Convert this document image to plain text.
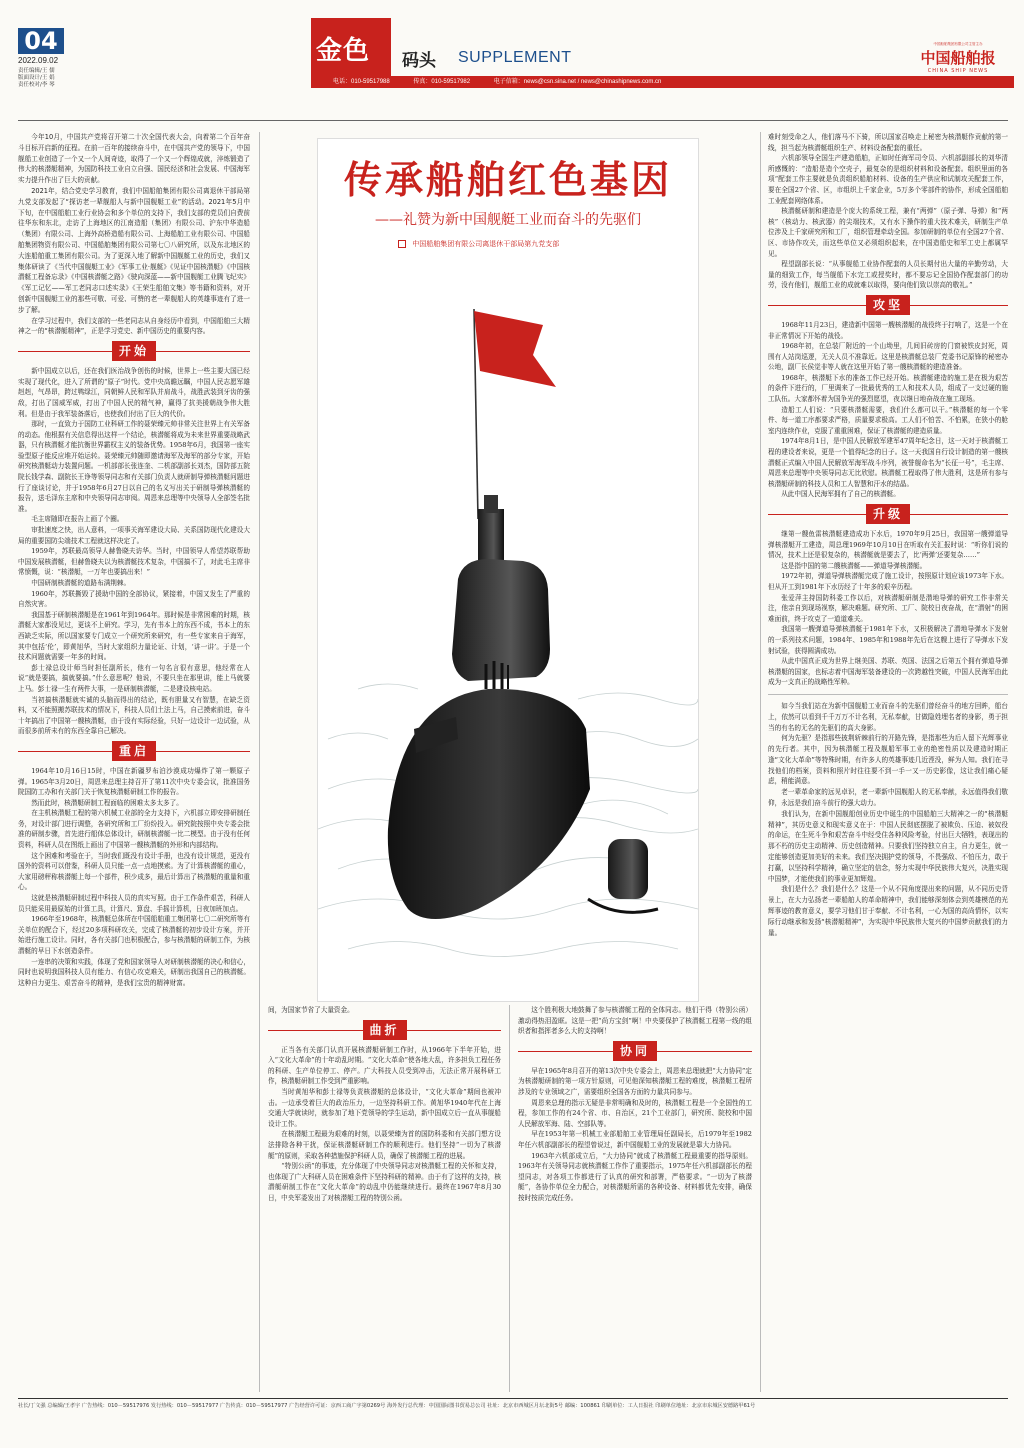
04
2022.09.02
责任编辑/王 儒
版面设计/王 娟
责任校对/李 琴
金色 码头 SUPPLEMENT
电话：010-59517988	传真：010-59517982	电子信箱：news@csn.sina.net / news@chinashipnews.com.cn
中国船舶集团有限公司主管主办
中国船舶报
CHINA SHIP NEWS
传承船舶红色基因
——礼赞为新中国舰艇工业而奋斗的先驱们
中国船舶集团有限公司离退休干部局第九党支部

今年10月，中国共产党将召开第二十次全国代表大会，向着第二个百年奋斗目标开启新的征程。在前一百年的接续奋斗中，在中国共产党的领导下，中国舰船工业创造了一个又一个人间奇迹，取得了一个又一个辉煌成就，淬炼锻造了伟大的核潜艇精神，为国防科技工业自立自强、国民经济和社会发展、中国海军实力提升作出了巨大的贡献。

2021年，结合党史学习教育，我们中国船舶集团有限公司离退休干部局第九党支部发起了“探访老一辈舰船人与新中国舰艇工业”的活动。2021年5月中下旬，在中国船舶工业行业协会和多个单位的支持下，我们支部的党员们自费前往华东和东北，走访了上海地区的江南造船（集团）有限公司、沪东中华造船（集团）有限公司、上海外高桥造船有限公司、上海船舶工业有限公司、中国船舶集团物资有限公司、中国船舶集团有限公司第七〇八研究所，以及东北地区的大连船舶重工集团有限公司。为了更深入地了解新中国舰艇工业的历史，我们又集体研读了《当代中国舰艇工业》《军事工业·舰艇》《见证中国核潜艇》《中国核潜艇工程备忘录》《中国核潜艇之路》《驶向深蓝——新中国舰艇工业腾飞纪实》《军工记忆——军工老同志口述实录》《王荣生船舶文集》等书籍和资料，对开创新中国舰艇工业的那些可敬、可爱、可赞的老一辈舰船人的英雄事迹有了进一步了解。

在学习过程中，我们支部的一些老同志从自身经历中看到，中国船舶三大精神之一的“核潜艇精神”，正是学习党史、新中国历史的重要内容。

开始

新中国成立以后，还在我们医治战争创伤的时候，世界上一些主要大国已经实现了现代化，进入了所谓的“原子”时代。党中央高瞻远瞩，中国人民志愿军雄赳赳，气昂昂，跨过鸭绿江，同朝鲜人民和军队并肩战斗，战胜武装到牙齿的强敌，打出了国威军威，打出了中国人民的精气神，赢得了抗美援朝战争伟大胜利。但是由于我军装备落后，也使我们付出了巨大的代价。

那时，一直致力于国防工业科研工作的聂荣臻元帅非常关注世界上有关军备的动态。他根据有关信息得出这样一个结论，核潜艇将成为未来世界重要战略武器，只有核潜艇才能抗衡世界霸权主义的装备优势。1958年6月，我国第一座实验型原子能反应堆开始运转。聂荣臻元帅随即邀请海军及海军的部分专家，开始研究核潜艇动力装置问题。一机部部长张连奎、二机部副部长刘杰，国防部五院院长钱学森、副院长王诤等领导同志和有关部门负责人就研制导弹核潜艇问题进行了座谈讨论，并于1958年6月27日以自己的名义写出关于研制导弹核潜艇的报告，送毛泽东主席和中央领导同志审阅。周恩来总理等中央领导人全部签名批准。

毛主席随即在报告上画了个圈。

审批速度之快，出人意料，一项事关海军建设大局、关系国防现代化建设大局的重要国防尖端技术工程就这样决定了。

1959年，苏联最高领导人赫鲁晓夫访华。当时，中国领导人希望苏联帮助中国发展核潜艇，但赫鲁晓夫以为核潜艇技术复杂，中国搞不了，对此毛主席非常愤慨，说：“核潜艇，一万年也要搞出来！”

中国研制核潜艇的道路布满荆棘。

1960年，苏联撕毁了援助中国的全部协议，紧接着，中国又发生了严重的自然灾害。

我国基于研制核潜艇是在1961年到1964年。那时候是非常困难的时期，核潜艇大家都没见过，更谈不上研究。学习，先有书本上的东西不成，书本上的东西缺乏实际，所以国家要专门成立一个研究所来研究，有一些专家来自于海军，其中包括‘伦’，即黄旭华，当时大家组织力量论证、计划，‘讲一讲’。于是一个技术问题就需要一年多的时间。

彭士禄总设计师当时担任副所长，他有一句名言很有意思，他经常在人说“就是要搞，搞就要搞。”什么意思呢？他说，不要只坐在那里讲，能上马就要上马。彭士禄一生有两件大事，一是研制核潜艇，二是建设核电站。

当初搞核潜艇就实诚的头脑而得出的结论，既有胆量又有智慧，在缺乏资料，又不能照搬苏联技术的情况下，科技人员们土法上马，自己摸索前进，奋斗十年搞出了中国第一艘核潜艇，由于没有实际经验，只好一边设计一边试验，从而很多前所未有的东西全靠自己解决。

重启

1964年10月16日15时，中国在新疆罗布泊沙漠成功爆炸了第一颗原子弹。1965年3月20日，周恩来总理主持召开了第11次中央专委会议，批准国务院国防工办和有关部门关于恢复核潜艇研制工作的报告。

然而此时，核潜艇研制工程面临的困难太多太多了。

在主机核潜艇工程的第六机械工业部的全力支持下，六机部立即安排研制任务，对设计部门进行调整，各研究所和工厂纷纷投入。研究院按照中央专委会批准的研制步骤，首先进行船体总体设计，研制核潜艇一比二模型。由于没有任何资料，科研人员在图纸上画出了中国第一艘核潜艇的外形和内部结构。

这个困难和考验在于，当时我们既没有设计手册，也没有设计规范，更没有国外的资料可以借鉴，科研人员只能一点一点地摸索。为了计算核潜艇的重心，大家用磅秤称核潜艇上每一个部件，积少成多，最后计算出了核潜艇的重量和重心。

这就是核潜艇研制过程中科技人员的真实写照。由于工作条件艰苦，科研人员只能采用最原始的计算工具，计算尺、算盘、手摇计算机，日夜加班加点。

1966年至1968年，核潜艇总体所在中国船舶重工集团第七〇二研究所等有关单位的配合下，经过20多项科研攻关，完成了核潜艇的初步设计方案，并开始进行施工设计。同时，各有关部门也积极配合，参与核潜艇的研制工作，为核潜艇的早日下水创造条件。

一连串的决策和实践，体现了党和国家领导人对研制核潜艇的决心和信心，同时也说明我国科技人员有能力、有信心攻克难关，研制出我国自己的核潜艇。这种自力更生、艰苦奋斗的精神，是我们宝贵的精神财富。

间，为国家节省了大量资金。

曲折

正当各有关部门认真开展核潜艇研制工作时，从1966年下半年开始，进入“文化大革命”的十年动乱时期。“文化大革命”使各地大乱，许多担负工程任务的科研、生产单位停工、停产。广大科技人员受到冲击，无法正常开展科研工作，核潜艇研制工作受到严重影响。

当时黄旭华和彭士禄等负责核潜艇的总体设计，“文化大革命”期间也被冲击。一边承受着巨大的政治压力，一边坚持科研工作。黄旭华1940年代在上海交通大学就读时，就参加了地下党领导的学生运动，新中国成立后一直从事舰船设计工作。

在核潜艇工程最为艰难的时刻，以聂荣臻为首的国防科委和有关部门想方设法排除各种干扰，保证核潜艇研制工作的顺利进行。他们坚持“一切为了核潜艇”的原则，采取各种措施保护科研人员，确保了核潜艇工程的进展。

“特别公函”的事迹，充分体现了中央领导同志对核潜艇工程的关怀和支持，也体现了广大科研人员在困难条件下坚持科研的精神。由于有了这样的支持，核潜艇研制工作在“文化大革命”的动乱中仍能继续进行。最终在1967年8月30日，中央军委发出了对核潜艇工程的特别公函。

这个胜利极大地鼓舞了参与核潜艇工程的全体同志。他们干得（特别公函）激动得热泪盈眶。这是一把“尚方宝剑”啊！中央要保护了核潜艇工程第一线的组织者和指挥者多么大的支持啊！

协同

早在1965年8月召开的第13次中央专委会上，周恩来总理就把“大力协同”定为核潜艇研制的第一项方针原则，可见他深知核潜艇工程的难度，核潜艇工程所涉及的专业领域之广，需要组织全国各方面的力量共同参与。

周恩来总理的指示无疑是非常明确和及时的，核潜艇工程是一个全国性的工程，参加工作的有24个省、市、自治区，21个工业部门，研究所、院校和中国人民解放军海、陆、空部队等。

早在1953年第一机械工业部船舶工业管理局任副局长，后1979年至1982年任六机部副部长的程望曾说过，新中国舰船工业的发展就是靠大力协同。

1963年六机部成立后，“大力协同”就成了核潜艇工程最重要的指导原则。1963年有关领导同志就核潜艇工作作了重要指示，1975年任六机部副部长的程望同志，对各项工作都进行了认真的研究和部署，严格要求。“一切为了核潜艇”，各协作单位全力配合，对核潜艇所需的各种设备、材料都优先安排，确保按时按质完成任务。

难时刻受命之人，他们落马不下骑，所以国家召唤走上秘密为核潜艇作贡献的第一线，担当起为核潜艇组织生产、材料设备配套的重任。

六机部领导全国生产建造船舶，正如时任海军司令员、六机部副部长的刘华清所感慨的：“造船是造个空壳子，最复杂的是组织材料和设备配套。组织里面的各项“配套工作主要就是负责组织船舶材料、设备的生产供应和试制攻关配套工作，要在全国27个省、区，市组织上千家企业，5万多个零部件的协作，形成全国船舶工业配套网络体系。

核潜艇研制和建造是个庞大的系统工程，兼有“两弹”（原子弹、导弹）和“两核”（核动力、核武器）的尖端技术，又有水下操作的重大技术难关，研制生产单位涉及上千家研究所和工厂，组织管理牵动全国。参加研制的单位有全国27个省、区、市协作攻关，而这些单位又必须组织起来，在中国造船史和军工史上都属罕见。

程望副部长说：“从事舰船工业协作配套的人员长期付出大量的辛勤劳动，大量的细致工作，每当舰船下水完工或授奖时，都不要忘记全国协作配套部门的功劳，没有他们，舰船工业的成就难以取得，要向他们致以崇高的敬礼。”

攻坚

1968年11月23日，建造新中国第一艘核潜艇的战役终于打响了，这是一个在非正常情况下开始的战役。

1968年初，在总装厂附近的一个山坳里，几间旧砖房的门窗被铁皮封死，周围有人站岗巡逻，无关人员不准靠近。这里是核潜艇总装厂党委书记原锋的秘密办公地，副厂长侯觉非等人就在这里开始了第一艘核潜艇的建造准备。

1968年，核潜艇下水的准备工作已经开始。核潜艇建造的施工是在极为艰苦的条件下进行的，厂里调来了一批最优秀的工人和技术人员，组成了一支过硬的施工队伍。大家都怀着为国争光的强烈愿望，夜以继日地奋战在施工现场。

造船工人们说：“只要核潜艇需要，我们什么都可以干。”核潜艇的每一个零件、每一道工序都要求严格，质量要求极高。工人们不怕苦、不怕累，在狭小的舱室内连续作业，克服了重重困难，保证了核潜艇的建造质量。

1974年8月1日，是中国人民解放军建军47周年纪念日，这一天对于核潜艇工程的建设者来说，更是一个值得纪念的日子。这一天我国自行设计制造的第一艘核潜艇正式编入中国人民解放军海军战斗序列，被誉舰命名为“长征一号”，毛主席、周恩来总理等中央领导同志无比欣慰。核潜艇工程取得了伟大胜利，这是所有参与核潜艇研制的科技人员和工人智慧和汗水的结晶。

从此中国人民海军拥有了自己的核潜艇。

升级

继第一艘鱼雷核潜艇建造成功下水后，1970年9月25日，我国第一艘弹道导弹核潜艇开工建造，周总理1969年10月10日在听取有关汇报时说：“听你们说的情况，技术上还是很复杂的，核潜艇就是要去了，比‘两弹’还要复杂……”

这是指中国的第二艘核潜艇——弹道导弹核潜艇。

1972年初，弹道导弹核潜艇完成了施工设计，按照原计划应该1973年下水。但从开工到1981年下水历经了十年多的艰辛历程。

张爱萍主持国防科委工作以后，对核潜艇研制是潜地导弹的研究工作非常关注，他亲自到现场视察，解决难题。研究所、工厂、院校日夜奋战，在“潜射”的困难面前，终于攻克了一道道难关。

我国第一艘弹道导弹核潜艇于1981年下水，又积极解决了潜地导弹水下发射的一系列技术问题，1984年、1985年和1988年先后在这艘上进行了导弹水下发射试验，获得圆满成功。

从此中国真正成为世界上继美国、苏联、英国、法国之后第五个拥有弹道导弹核潜艇的国家，也标志着中国海军装备建设的一次跨越性突破，中国人民海军由此成为一支真正的战略性军种。

如今当我们站在为新中国舰船工业而奋斗的先驱们曾经奋斗的地方回眸，船台上，依然可以看到千千万万不计名利，无私奉献，甘做隐姓埋名者的身影，勇于担当的有名的无名的先驱们的高大身影。

何为先驱？是指那些披荆斩棘前行的开路先锋，是指那些为后人留下光辉事业的先行者。其中，因为核潜艇工程及舰船军事工业的绝密性质以及建造时期正逢“文化大革命”等特殊时期，有许多人的英雄事迹几近湮没，鲜为人知。我们在寻找他们的档案，资料和照片时往往要不到一手一又一历史影像，这让我们痛心疑虑，稍能满意。

老一辈革命家的远见卓识，老一辈新中国舰船人的无私奉献，永远值得我们敬仰，永远是我们奋斗前行的强大动力。

我们认为，在新中国舰船创业历史中诞生的中国船舶三大精神之一的“核潜艇精神”，其历史意义和现实意义在于：中国人民彻底摆脱了被欺负、压迫、被奴役的命运，在生死斗争和艰苦奋斗中经受住各种风险考验，付出巨大牺牲，表现出的那不朽的历史主动精神、历史创造精神。只要我们坚持独立自主，自力更生，就一定能够创造更加美好的未来。我们坚决拥护党的领导，不畏强敌、不怕压力，敢于打赢，以坚持科学精神，确立坚定的信念，努力实现中华民族伟大复兴，决胜实现中国梦，才能使我们的事业更加辉煌。

我们是什么？我们是什么？这是一个从不同角度提出来的问题，从不同历史背景上，在大力弘扬老一辈船舶人的革命精神中，我们能够深刻体会到英雄模范的光辉事迹的教育意义，要学习他们甘于奉献、不计名利，一心为国的高尚情怀，以实际行动继承和发扬“核潜艇精神”，为实现中华民族伟大复兴的中国梦贡献我们的力量。

社长/丁文强 总编辑/王孝宇 广告热线：010－59517976 发行热线：010－59517977 广告传真：010－59517977 广告经营许可证：京西工商广字第0269号 海外发行总代理：中国国际图书贸易总公司 社址：北京市西城区月坛北街5号 邮编：100861 印刷单位：工人日报社 印刷单位地址：北京市东城区安德路甲61号
